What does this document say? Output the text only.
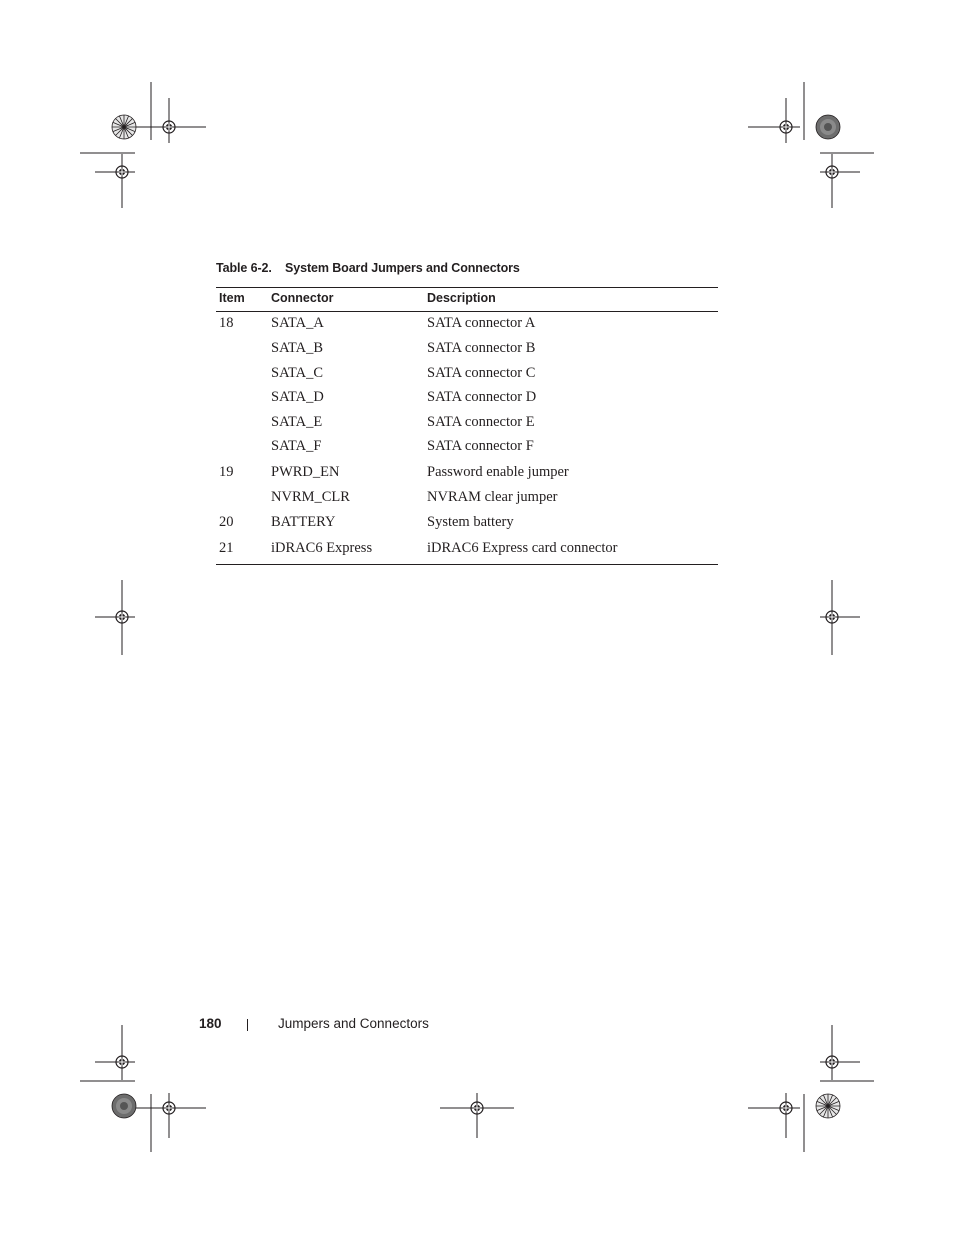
Table 6-2. System Board Jumpers and Connectors
Item	Connector	Description
18	SATA_A	SATA connector A
	SATA_B	SATA connector B
	SATA_C	SATA connector C
	SATA_D	SATA connector D
	SATA_E	SATA connector E
	SATA_F	SATA connector F
19	PWRD_EN	Password enable jumper
	NVRM_CLR	NVRAM clear jumper
20	BATTERY	System battery
21	iDRAC6 Express	iDRAC6 Express card connector
180	Jumpers and Connectors
